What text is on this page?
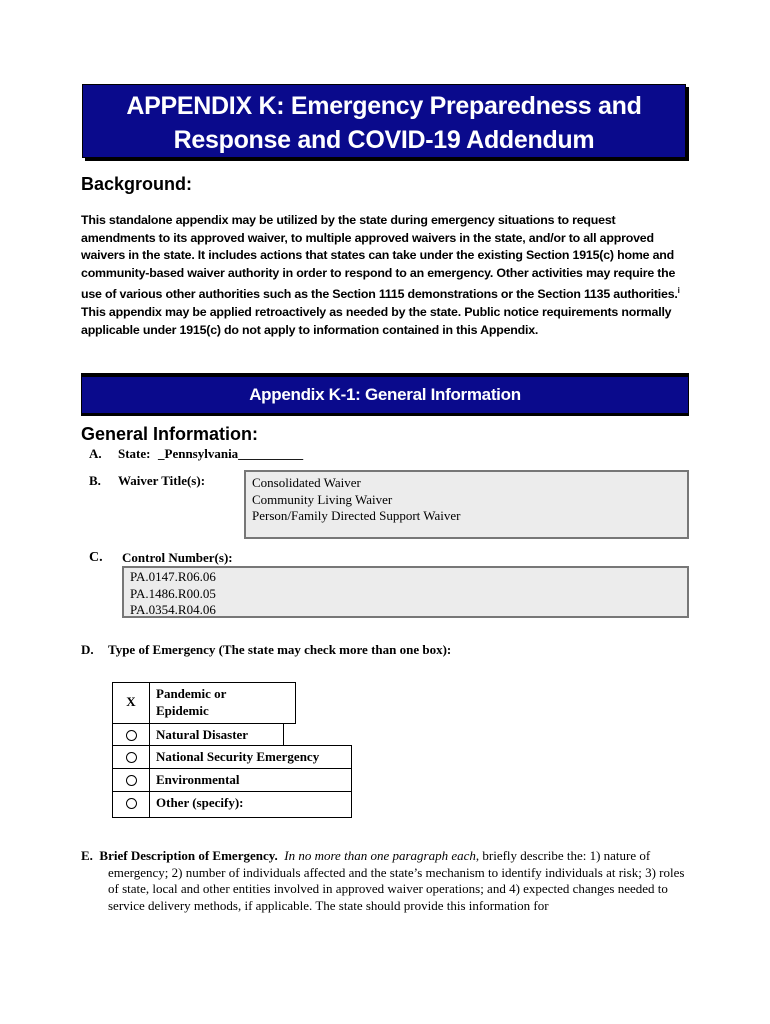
APPENDIX K: Emergency Preparedness and
Response and COVID-19 Addendum
Background:
This standalone appendix may be utilized by the state during emergency situations to request amendments to its approved waiver, to multiple approved waivers in the state, and/or to all approved waivers in the state. It includes actions that states can take under the existing Section 1915(c) home and community-based waiver authority in order to respond to an emergency. Other activities may require the use of various other authorities such as the Section 1115 demonstrations or the Section 1135 authorities.$^i$ This appendix may be applied retroactively as needed by the state. Public notice requirements normally applicable under 1915(c) do not apply to information contained in this Appendix.
Appendix K-1: General Information
General Information:
A. State: _Pennsylvania__________
B. Waiver Title(s):	Consolidated Waiver
Community Living Waiver
Person/Family Directed Support Waiver
C. Control Number(s):
PA.0147.R06.06
PA.1486.R00.05
PA.0354.R04.06
D. Type of Emergency (The state may check more than one box):
X
Pandemic or
Epidemic
Natural Disaster
National Security Emergency
Environmental
Other (specify):
E. Brief Description of Emergency. In no more than one paragraph each, briefly describe the: 1) nature of emergency; 2) number of individuals affected and the state’s mechanism to identify individuals at risk; 3) roles of state, local and other entities involved in approved waiver operations; and 4) expected changes needed to service delivery methods, if applicable. The state should provide this information for
